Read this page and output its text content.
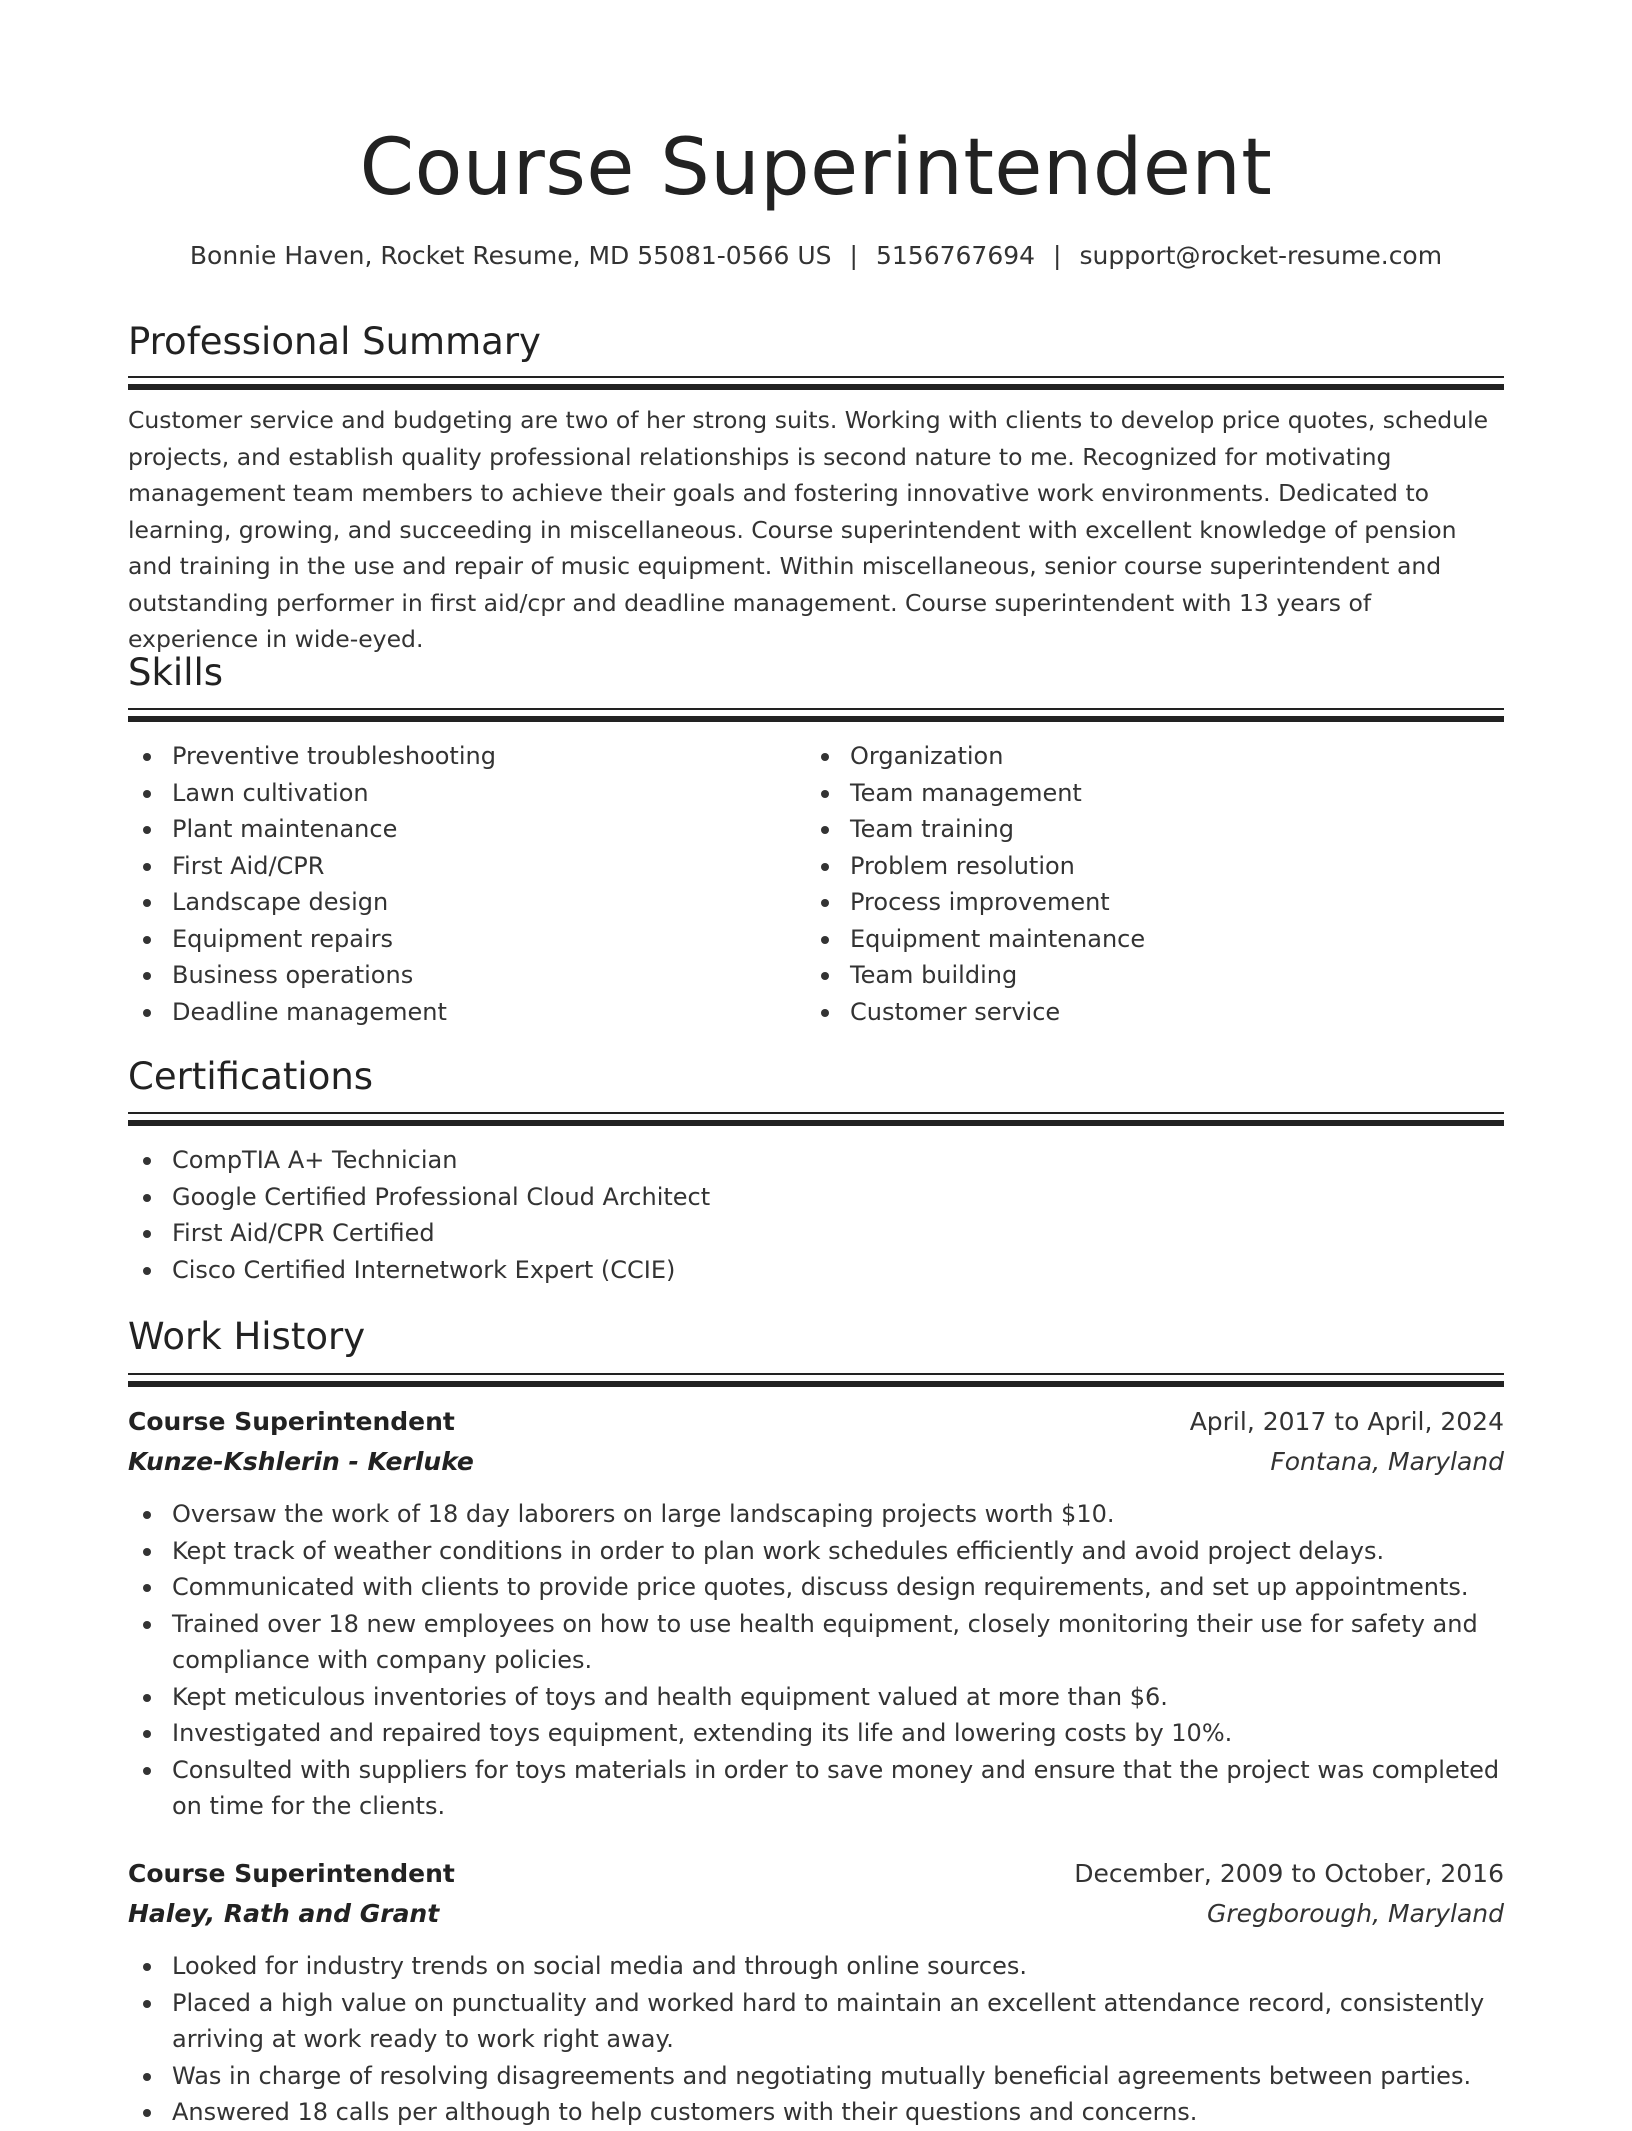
Course Superintendent
Bonnie Haven, Rocket Resume, MD 55081-0566 US | 5156767694 | support@rocket-resume.com
Professional Summary
Customer service and budgeting are two of her strong suits. Working with clients to develop price quotes, schedule projects, and establish quality professional relationships is second nature to me. Recognized for motivating management team members to achieve their goals and fostering innovative work environments. Dedicated to learning, growing, and succeeding in miscellaneous. Course superintendent with excellent knowledge of pension and training in the use and repair of music equipment. Within miscellaneous, senior course superintendent and outstanding performer in first aid/cpr and deadline management. Course superintendent with 13 years of experience in wide-eyed.
Skills
Preventive troubleshooting
Lawn cultivation
Plant maintenance
First Aid/CPR
Landscape design
Equipment repairs
Business operations
Deadline management
Organization
Team management
Team training
Problem resolution
Process improvement
Equipment maintenance
Team building
Customer service
Certifications
CompTIA A+ Technician
Google Certified Professional Cloud Architect
First Aid/CPR Certified
Cisco Certified Internetwork Expert (CCIE)
Work History
Course Superintendent	April, 2017 to April, 2024
Kunze-Kshlerin - Kerluke	Fontana, Maryland
Oversaw the work of 18 day laborers on large landscaping projects worth $10.
Kept track of weather conditions in order to plan work schedules efficiently and avoid project delays.
Communicated with clients to provide price quotes, discuss design requirements, and set up appointments.
Trained over 18 new employees on how to use health equipment, closely monitoring their use for safety and compliance with company policies.
Kept meticulous inventories of toys and health equipment valued at more than $6.
Investigated and repaired toys equipment, extending its life and lowering costs by 10%.
Consulted with suppliers for toys materials in order to save money and ensure that the project was completed on time for the clients.
Course Superintendent	December, 2009 to October, 2016
Haley, Rath and Grant	Gregborough, Maryland
Looked for industry trends on social media and through online sources.
Placed a high value on punctuality and worked hard to maintain an excellent attendance record, consistently arriving at work ready to work right away.
Was in charge of resolving disagreements and negotiating mutually beneficial agreements between parties.
Answered 18 calls per although to help customers with their questions and concerns.
